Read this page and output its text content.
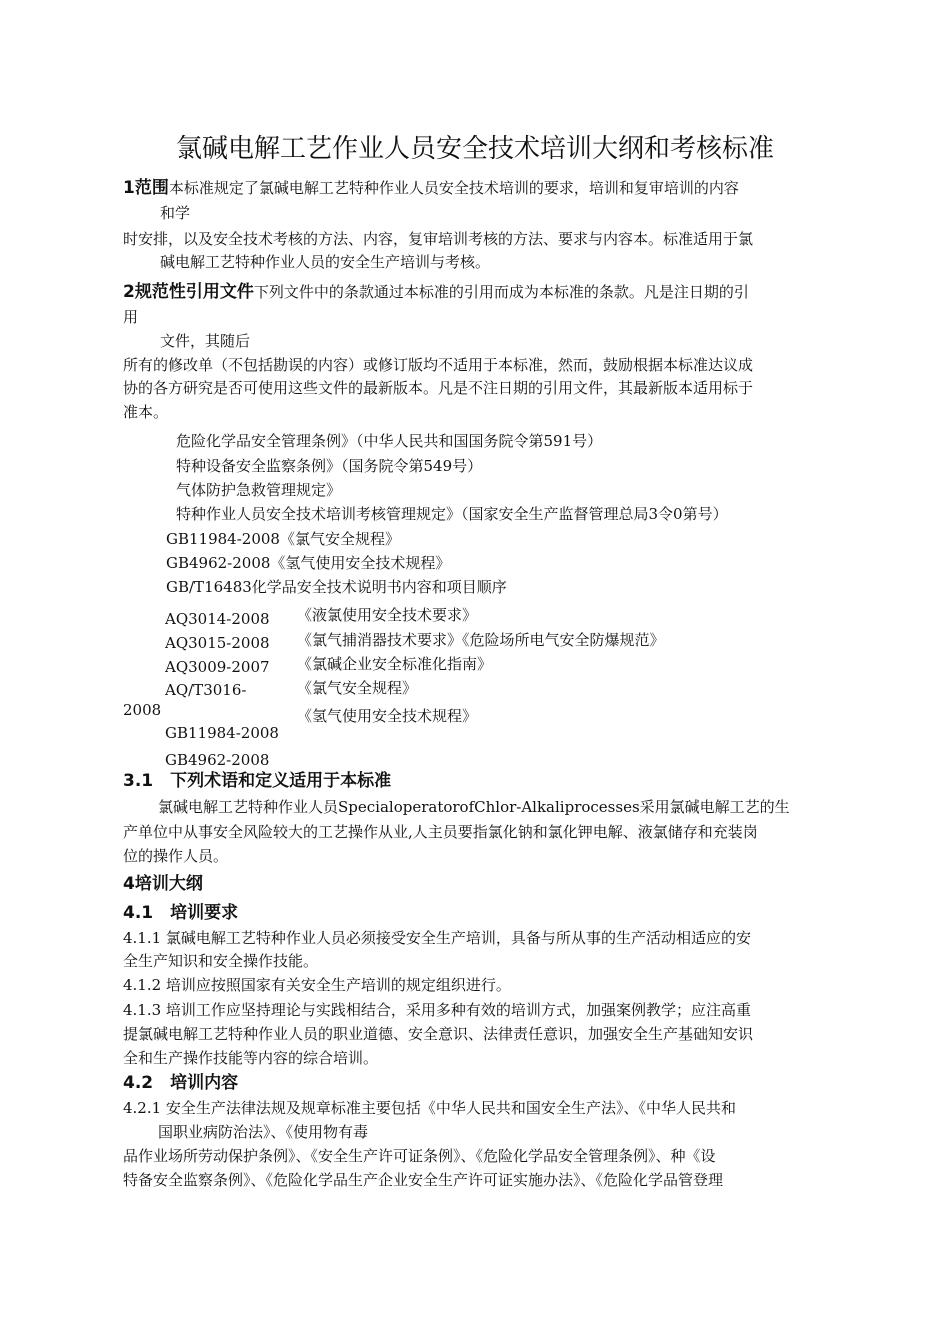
氯碱电解工艺作业人员安全技术培训大纲和考核标准
1范围本标准规定了氯碱电解工艺特种作业人员安全技术培训的要求，培训和复审培训的内容
和学
时安排，以及安全技术考核的方法、内容，复审培训考核的方法、要求与内容本。标准适用于氯
碱电解工艺特种作业人员的安全生产培训与考核。
2规范性引用文件下列文件中的条款通过本标准的引用而成为本标准的条款。凡是注日期的引
用
文件，其随后
所有的修改单（不包括勘误的内容）或修订版均不适用于本标准，然而，鼓励根据本标准达议成
协的各方研究是否可使用这些文件的最新版本。凡是不注日期的引用文件，其最新版本适用标于
准本。
危险化学品安全管理条例》（中华人民共和国国务院令第591号）
特种设备安全监察条例》（国务院令第549号）
气体防护急救管理规定》
特种作业人员安全技术培训考核管理规定》（国家安全生产监督管理总局3令0第号）
GB11984-2008《氯气安全规程》
GB4962-2008《氢气使用安全技术规程》
GB/T16483化学品安全技术说明书内容和项目顺序
AQ3014-2008 《液氯使用安全技术要求》
AQ3015-2008 《氯气捕消器技术要求》《危险场所电气安全防爆规范》
AQ3009-2007 《氯碱企业安全标准化指南》
AQ/T3016-	《氯气安全规程》
2008	《氢气使用安全技术规程》
GB11984-2008
GB4962-2008
3.1　下列术语和定义适用于本标准
氯碱电解工艺特种作业人员SpecialoperatorofChlor-Alkaliprocesses采用氯碱电解工艺的生
产单位中从事安全风险较大的工艺操作从业,人主员要指氯化钠和氯化钾电解、液氯储存和充装岗
位的操作人员。
4培训大纲
4.1　培训要求
4.1.1 氯碱电解工艺特种作业人员必须接受安全生产培训，具备与所从事的生产活动相适应的安
全生产知识和安全操作技能。
4.1.2 培训应按照国家有关安全生产培训的规定组织进行。
4.1.3 培训工作应坚持理论与实践相结合，采用多种有效的培训方式，加强案例教学；应注高重
提氯碱电解工艺特种作业人员的职业道德、安全意识、法律责任意识，加强安全生产基础知安识
全和生产操作技能等内容的综合培训。
4.2　培训内容
4.2.1 安全生产法律法规及规章标准主要包括《中华人民共和国安全生产法》、《中华人民共和
国职业病防治法》、《使用物有毒
品作业场所劳动保护条例》、《安全生产许可证条例》、《危险化学品安全管理条例》、种《设
特备安全监察条例》、《危险化学品生产企业安全生产许可证实施办法》、《危险化学品管登理
